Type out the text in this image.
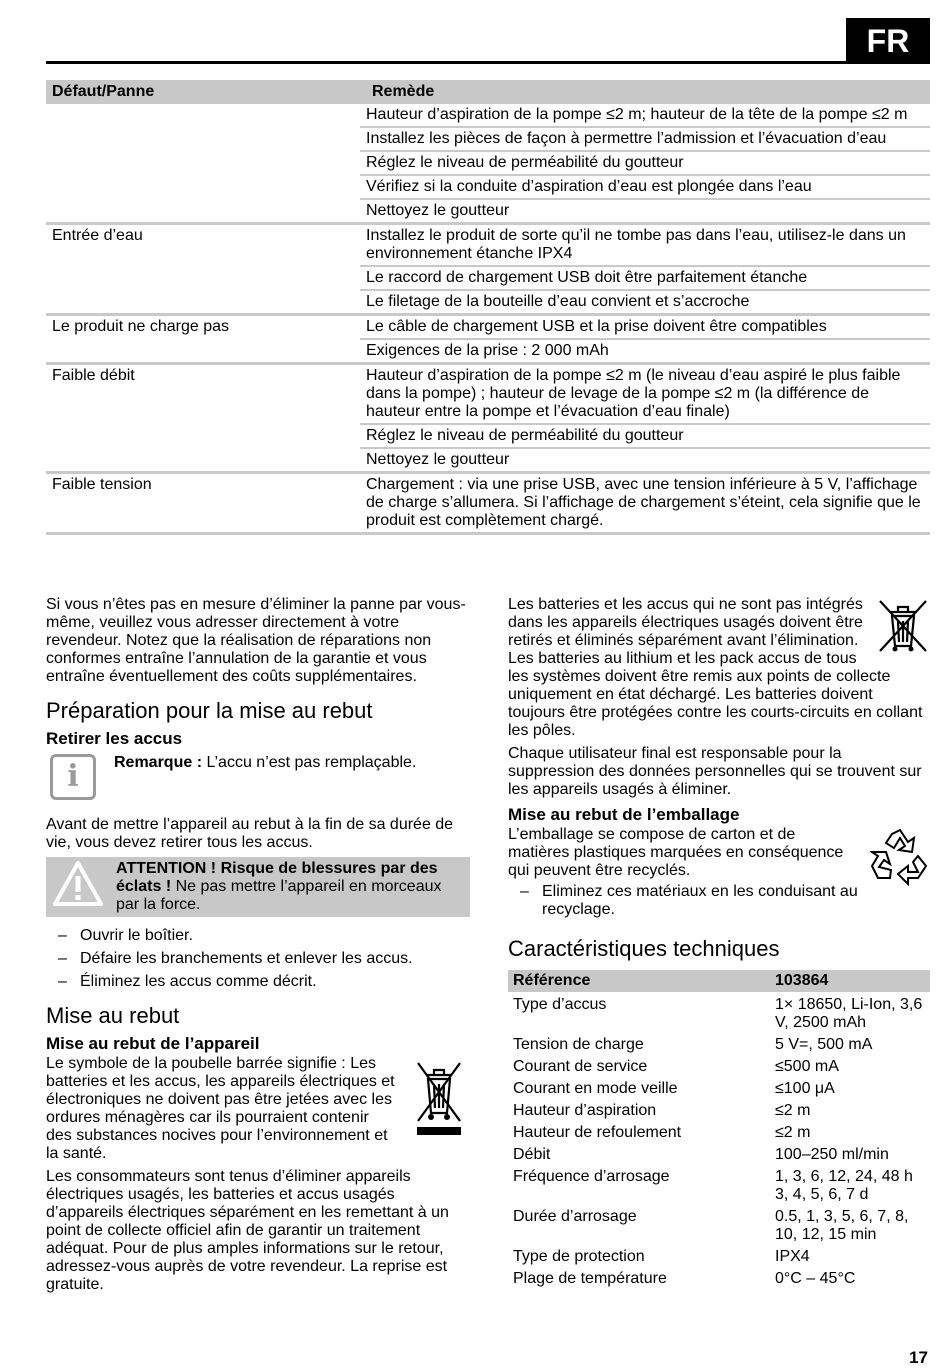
FR
Défaut/Panne	Remède
Hauteur d’aspiration de la pompe ≤2 m; hauteur de la tête de la pompe ≤2 m
Installez les pièces de façon à permettre l’admission et l’évacuation d’eau
Réglez le niveau de perméabilité du goutteur
Vérifiez si la conduite d’aspiration d’eau est plongée dans l’eau
Nettoyez le goutteur
Entrée d’eau	Installez le produit de sorte qu’il ne tombe pas dans l’eau, utilisez-le dans un environnement étanche IPX4
Le raccord de chargement USB doit être parfaitement étanche
Le filetage de la bouteille d’eau convient et s’accroche
Le produit ne charge pas	Le câble de chargement USB et la prise doivent être compatibles
Exigences de la prise : 2 000 mAh
Faible débit	Hauteur d’aspiration de la pompe ≤2 m (le niveau d’eau aspiré le plus faible dans la pompe) ; hauteur de levage de la pompe ≤2 m (la différence de hauteur entre la pompe et l’évacuation d’eau finale)
Réglez le niveau de perméabilité du goutteur
Nettoyez le goutteur
Faible tension	Chargement : via une prise USB, avec une tension inférieure à 5 V, l’affichage de charge s’allumera. Si l’affichage de chargement s’éteint, cela signifie que le produit est complètement chargé.

Si vous n’êtes pas en mesure d’éliminer la panne par vous-même, veuillez vous adresser directement à votre revendeur. Notez que la réalisation de réparations non conformes entraîne l’annulation de la garantie et vous entraîne éventuellement des coûts supplémentaires.

Préparation pour la mise au rebut
Retirer les accus
i	Remarque : L’accu n’est pas remplaçable.

Avant de mettre l’appareil au rebut à la fin de sa durée de vie, vous devez retirer tous les accus.

ATTENTION ! Risque de blessures par des éclats ! Ne pas mettre l’appareil en morceaux par la force.
– Ouvrir le boîtier.
– Défaire les branchements et enlever les accus.
– Éliminez les accus comme décrit.
Mise au rebut
Mise au rebut de l’appareil

Le symbole de la poubelle barrée signifie : Les batteries et les accus, les appareils électriques et électroniques ne doivent pas être jetées avec les ordures ménagères car ils pourraient contenir des substances nocives pour l’environnement et la santé.

Les consommateurs sont tenus d’éliminer appareils électriques usagés, les batteries et accus usagés d’appareils électriques séparément en les remettant à un point de collecte officiel afin de garantir un traitement adéquat. Pour de plus amples informations sur le retour, adressez-vous auprès de votre revendeur. La reprise est gratuite.

Les batteries et les accus qui ne sont pas intégrés dans les appareils électriques usagés doivent être retirés et éliminés séparément avant l’élimination. Les batteries au lithium et les pack accus de tous les systèmes doivent être remis aux points de collecte uniquement en état déchargé. Les batteries doivent toujours être protégées contre les courts-circuits en collant les pôles.

Chaque utilisateur final est responsable pour la suppression des données personnelles qui se trouvent sur les appareils usagés à éliminer.

Mise au rebut de l’emballage

L’emballage se compose de carton et de matières plastiques marquées en conséquence qui peuvent être recyclés.

– Eliminez ces matériaux en les conduisant au recyclage.
Caractéristiques techniques
Référence	103864
Type d’accus	1× 18650, Li-Ion, 3,6 V, 2500 mAh
Tension de charge	5 V=, 500 mA
Courant de service	≤500 mA
Courant en mode veille	≤100 μA
Hauteur d’aspiration	≤2 m
Hauteur de refoulement	≤2 m
Débit	100–250 ml/min
Fréquence d’arrosage	1, 3, 6, 12, 24, 48 h 3, 4, 5, 6, 7 d
Durée d’arrosage	0.5, 1, 3, 5, 6, 7, 8, 10, 12, 15 min
Type de protection	IPX4
Plage de température	0°C – 45°C
17
